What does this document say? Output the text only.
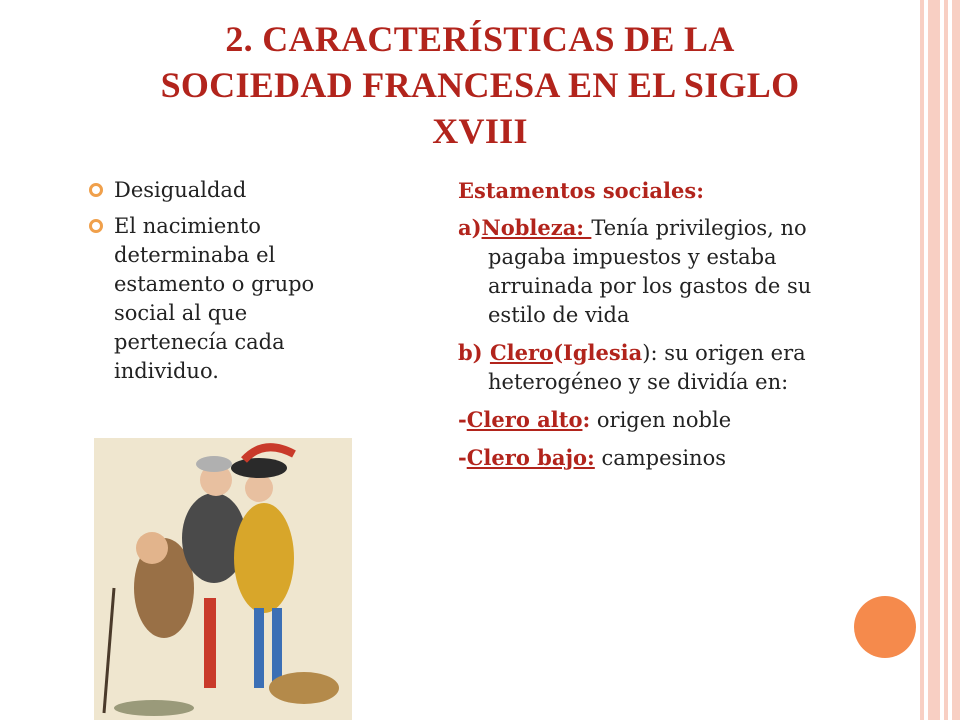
2. CARACTERÍSTICAS DE LA
SOCIEDAD FRANCESA EN EL SIGLO
XVIII
Desigualdad
El nacimiento determinaba el estamento o grupo social al que pertenecía cada individuo.
Estamentos sociales:
a)Nobleza: Tenía privilegios, no pagaba impuestos y estaba arruinada por los gastos de su estilo de vida
b) Clero(Iglesia): su origen era heterogéneo y se dividía en:
-Clero alto: origen noble
-Clero bajo: campesinos
